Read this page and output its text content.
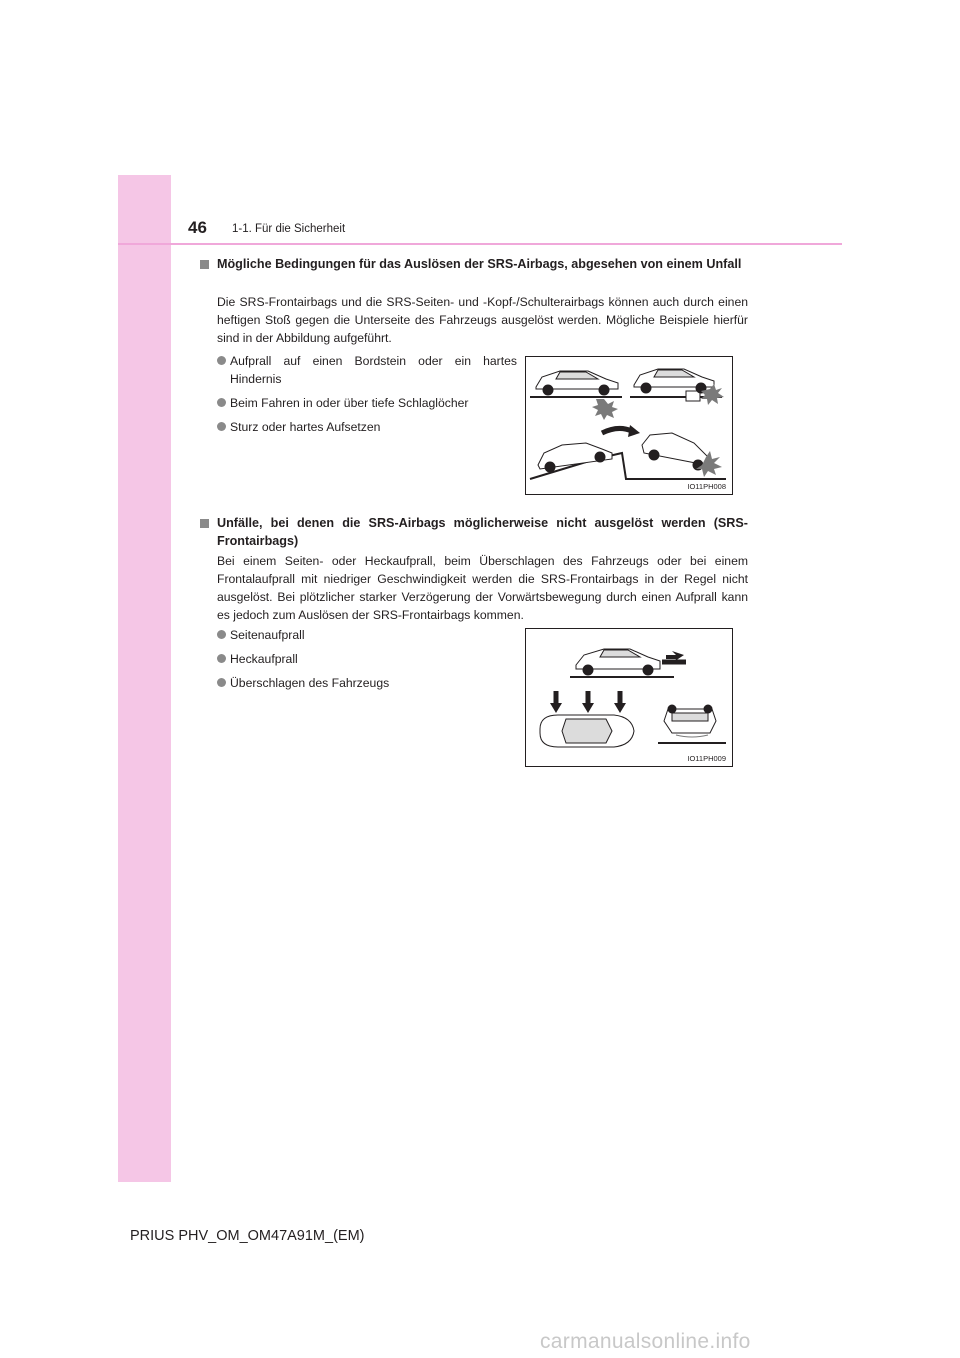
46 1-1. Für die Sicherheit
Mögliche Bedingungen für das Auslösen der SRS-Airbags, abgesehen von einem Unfall
Die SRS-Frontairbags und die SRS-Seiten- und -Kopf-/Schulterairbags können auch durch einen heftigen Stoß gegen die Unterseite des Fahrzeugs ausgelöst werden. Mögliche Beispiele hierfür sind in der Abbildung aufgeführt.
Aufprall auf einen Bordstein oder ein hartes Hindernis
Beim Fahren in oder über tiefe Schlaglöcher
Sturz oder hartes Aufsetzen
IO11PH008
Unfälle, bei denen die SRS-Airbags möglicherweise nicht ausgelöst werden (SRS-Frontairbags)
Bei einem Seiten- oder Heckaufprall, beim Überschlagen des Fahrzeugs oder bei einem Frontalaufprall mit niedriger Geschwindigkeit werden die SRS-Frontairbags in der Regel nicht ausgelöst. Bei plötzlicher starker Verzögerung der Vorwärtsbewegung durch einen Aufprall kann es jedoch zum Auslösen der SRS-Frontairbags kommen.
Seitenaufprall
Heckaufprall
Überschlagen des Fahrzeugs
IO11PH009
PRIUS PHV_OM_OM47A91M_(EM)
carmanualsonline.info
